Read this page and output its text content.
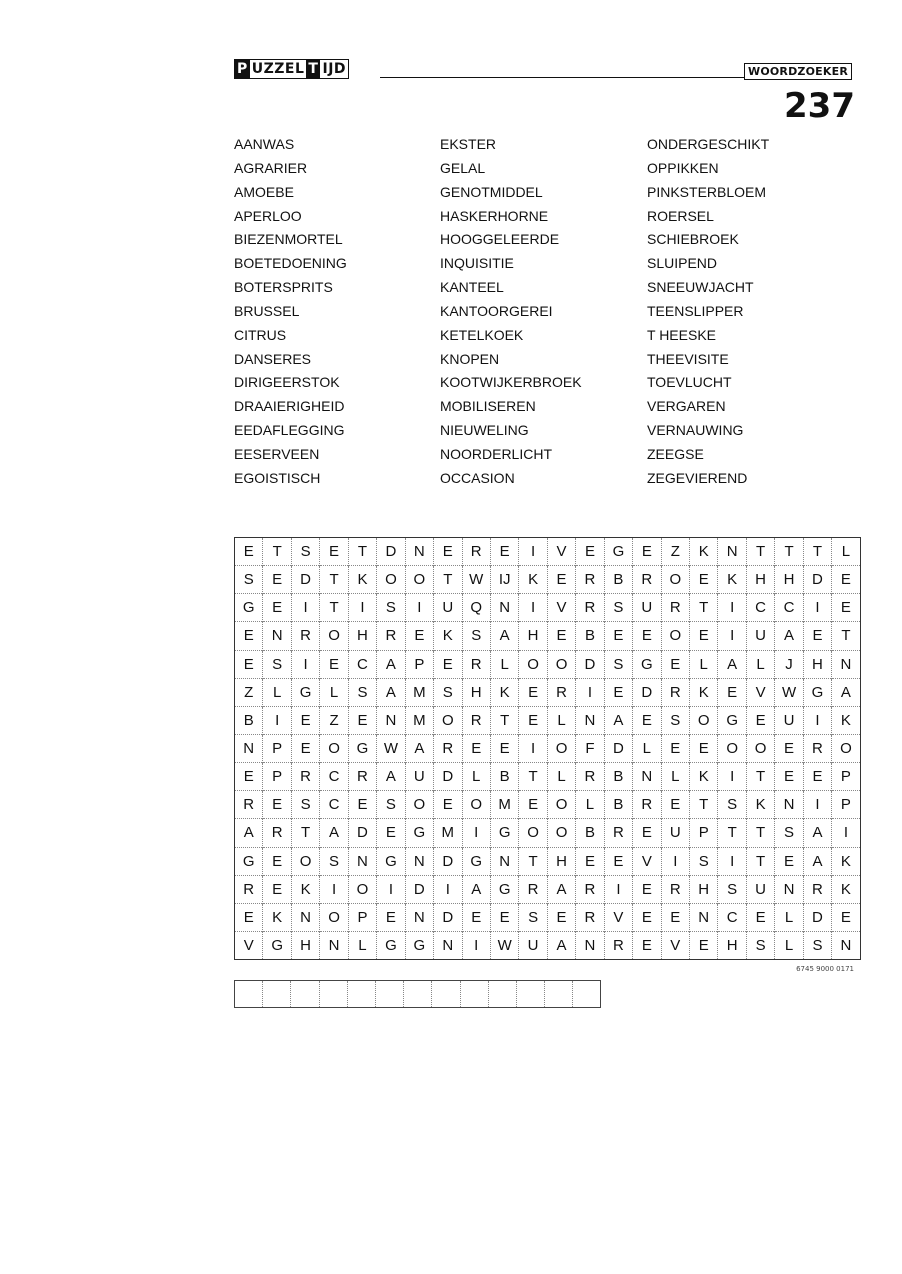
P UZZEL T IJD	WOORDZOEKER
237
AANWAS
AGRARIER
AMOEBE
APERLOO
BIEZENMORTEL
BOETEDOENING
BOTERSPRITS
BRUSSEL
CITRUS
DANSERES
DIRIGEERSTOK
DRAAIERIGHEID
EEDAFLEGGING
EESERVEEN
EGOISTISCH
EKSTER
GELAL
GENOTMIDDEL
HASKERHORNE
HOOGGELEERDE
INQUISITIE
KANTEEL
KANTOORGEREI
KETELKOEK
KNOPEN
KOOTWIJKERBROEK
MOBILISEREN
NIEUWELING
NOORDERLICHT
OCCASION
ONDERGESCHIKT
OPPIKKEN
PINKSTERBLOEM
ROERSEL
SCHIEBROEK
SLUIPEND
SNEEUWJACHT
TEENSLIPPER
T HEESKE
THEEVISITE
TOEVLUCHT
VERGAREN
VERNAUWING
ZEEGSE
ZEGEVIEREND
E	T	S	E	T	D	N	E	R	E	I	V	E	G	E	Z	K	N	T	T	T	L
S	E	D	T	K	O	O	T	W	IJ	K	E	R	B	R	O	E	K	H	H	D	E
G	E	I	T	I	S	I	U	Q	N	I	V	R	S	U	R	T	I	C	C	I	E
E	N	R	O	H	R	E	K	S	A	H	E	B	E	E	O	E	I	U	A	E	T
E	S	I	E	C	A	P	E	R	L	O	O	D	S	G	E	L	A	L	J	H	N
Z	L	G	L	S	A	M	S	H	K	E	R	I	E	D	R	K	E	V	W	G	A
B	I	E	Z	E	N	M	O	R	T	E	L	N	A	E	S	O	G	E	U	I	K
N	P	E	O	G	W	A	R	E	E	I	O	F	D	L	E	E	O	O	E	R	O
E	P	R	C	R	A	U	D	L	B	T	L	R	B	N	L	K	I	T	E	E	P
R	E	S	C	E	S	O	E	O	M	E	O	L	B	R	E	T	S	K	N	I	P
A	R	T	A	D	E	G	M	I	G	O	O	B	R	E	U	P	T	T	S	A	I
G	E	O	S	N	G	N	D	G	N	T	H	E	E	V	I	S	I	T	E	A	K
R	E	K	I	O	I	D	I	A	G	R	A	R	I	E	R	H	S	U	N	R	K
E	K	N	O	P	E	N	D	E	E	S	E	R	V	E	E	N	C	E	L	D	E
V	G	H	N	L	G	G	N	I	W	U	A	N	R	E	V	E	H	S	L	S	N
6745 9000 0171
